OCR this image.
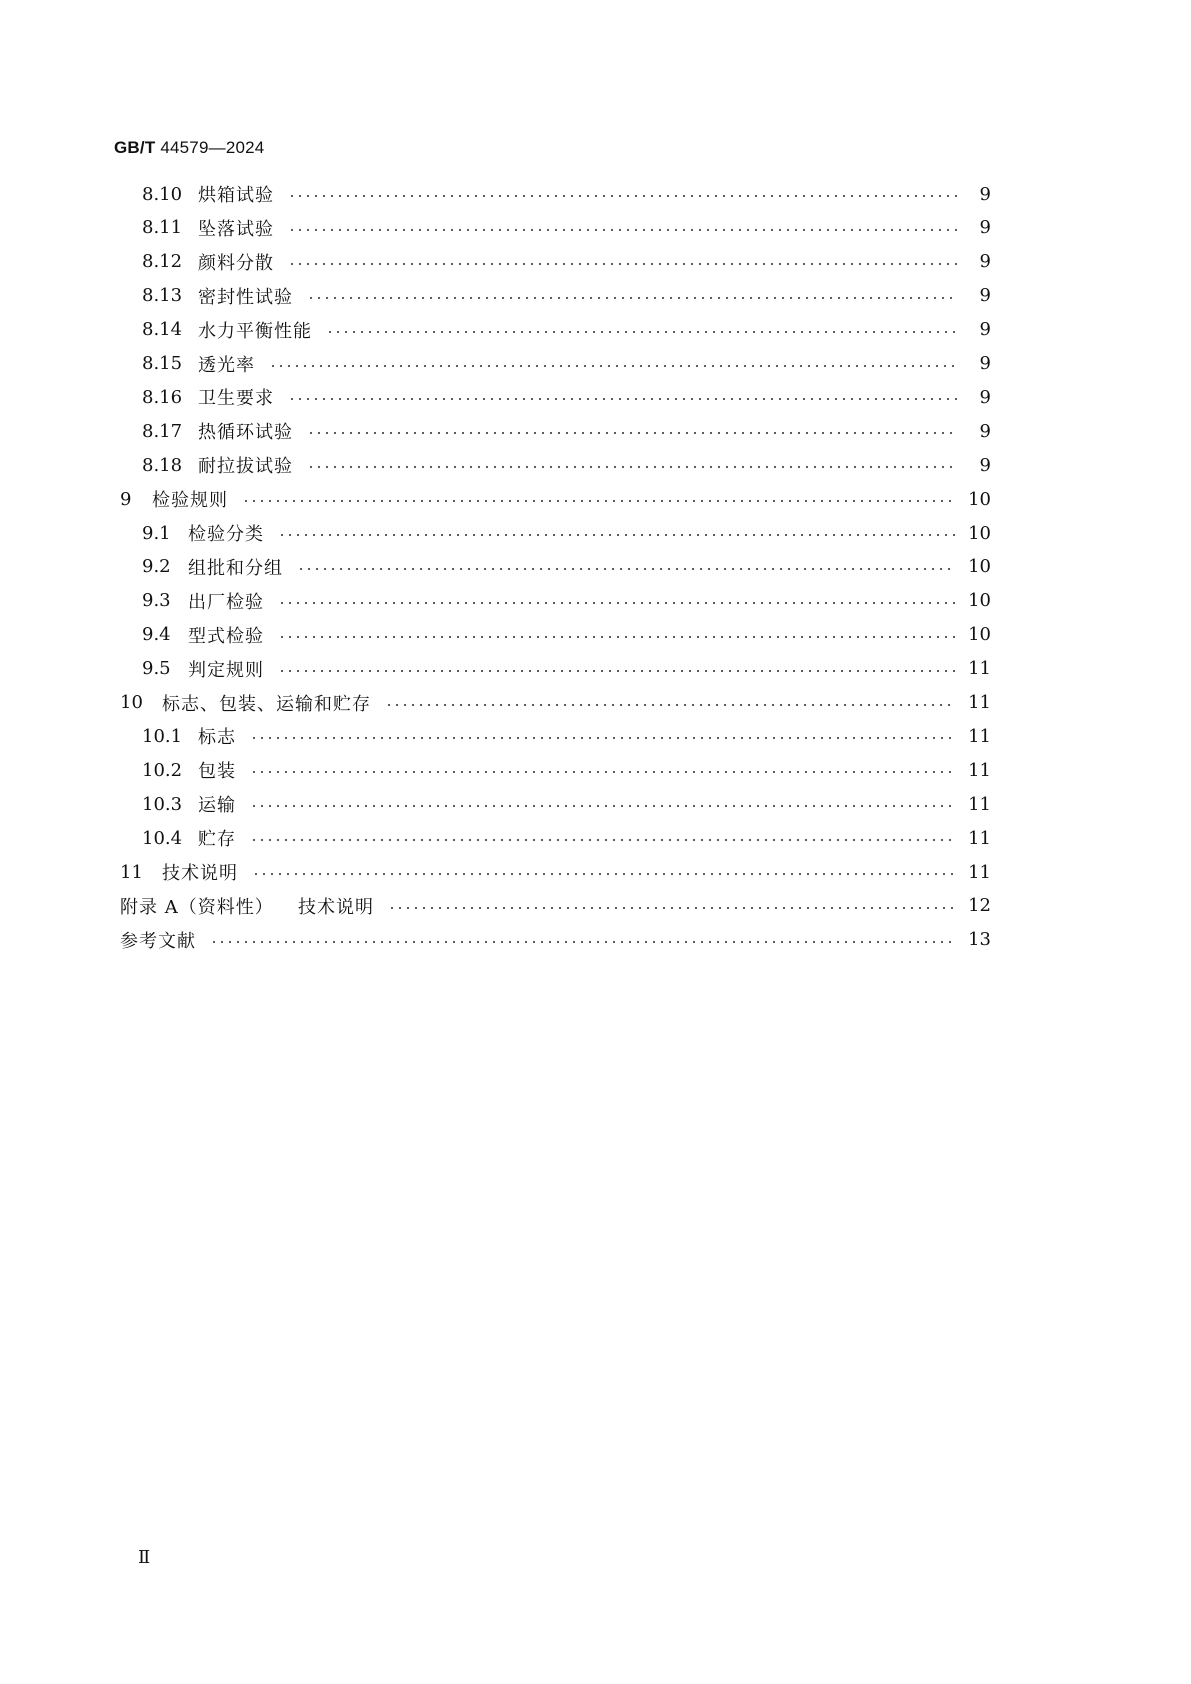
GB/T 44579—2024
8.10 烘箱试验	9
8.11 坠落试验	9
8.12 颜料分散	9
8.13 密封性试验	9
8.14 水力平衡性能	9
8.15 透光率	9
8.16 卫生要求	9
8.17 热循环试验	9
8.18 耐拉拔试验	9
9	检验规则	10
9.1 检验分类	10
9.2 组批和分组	10
9.3 出厂检验	10
9.4 型式检验	10
9.5 判定规则	11
10	标志、包装、运输和贮存	11
10.1 标志	11
10.2 包装	11
10.3 运输	11
10.4 贮存	11
11	技术说明	11
附录 A（资料性）	技术说明	12
参考文献	13
Ⅱ
